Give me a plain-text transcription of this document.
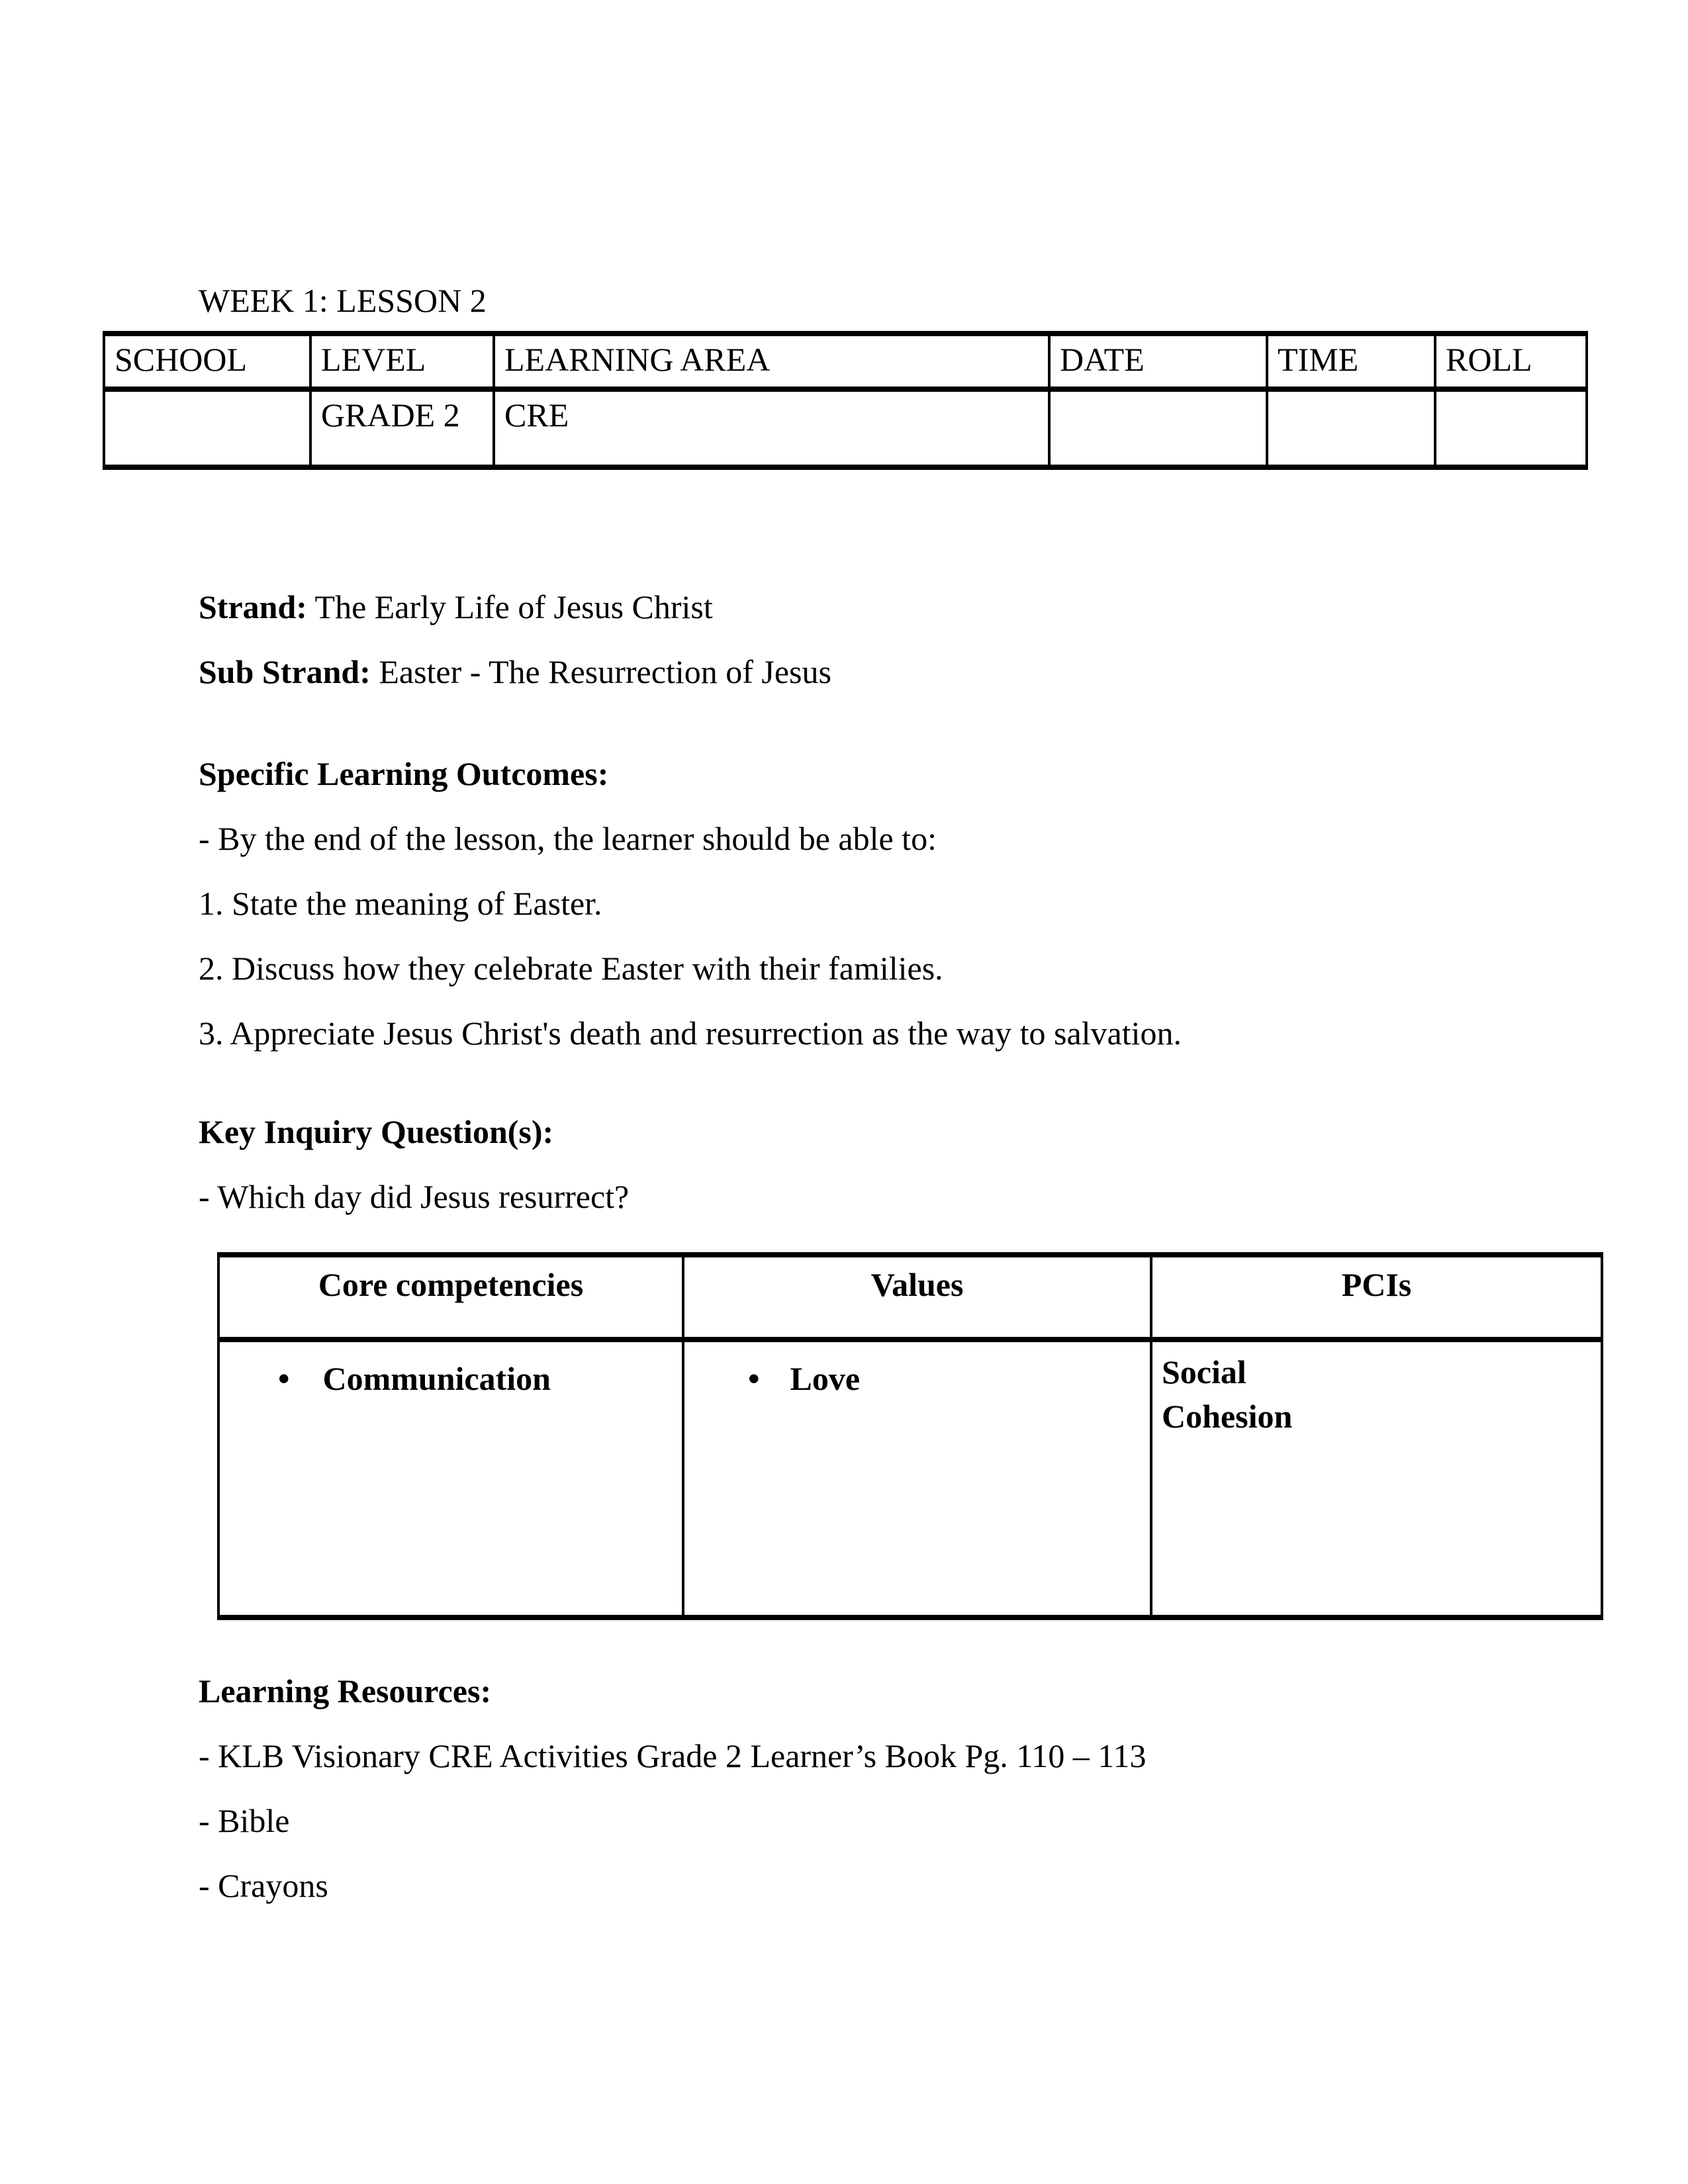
WEEK 1: LESSON 2
SCHOOL	LEVEL	LEARNING AREA	DATE	TIME	ROLL
	GRADE 2	CRE			

Strand: The Early Life of Jesus Christ

Sub Strand: Easter - The Resurrection of Jesus

Specific Learning Outcomes:

- By the end of the lesson, the learner should be able to:

1. State the meaning of Easter.

2. Discuss how they celebrate Easter with their families.

3. Appreciate Jesus Christ's death and resurrection as the way to salvation.

Key Inquiry Question(s):

- Which day did Jesus resurrect?

Core competencies	Values	PCIs

• Communication	• Love	Social
Cohesion

Learning Resources:

- KLB Visionary CRE Activities Grade 2 Learner’s Book Pg. 110 – 113

- Bible

- Crayons
